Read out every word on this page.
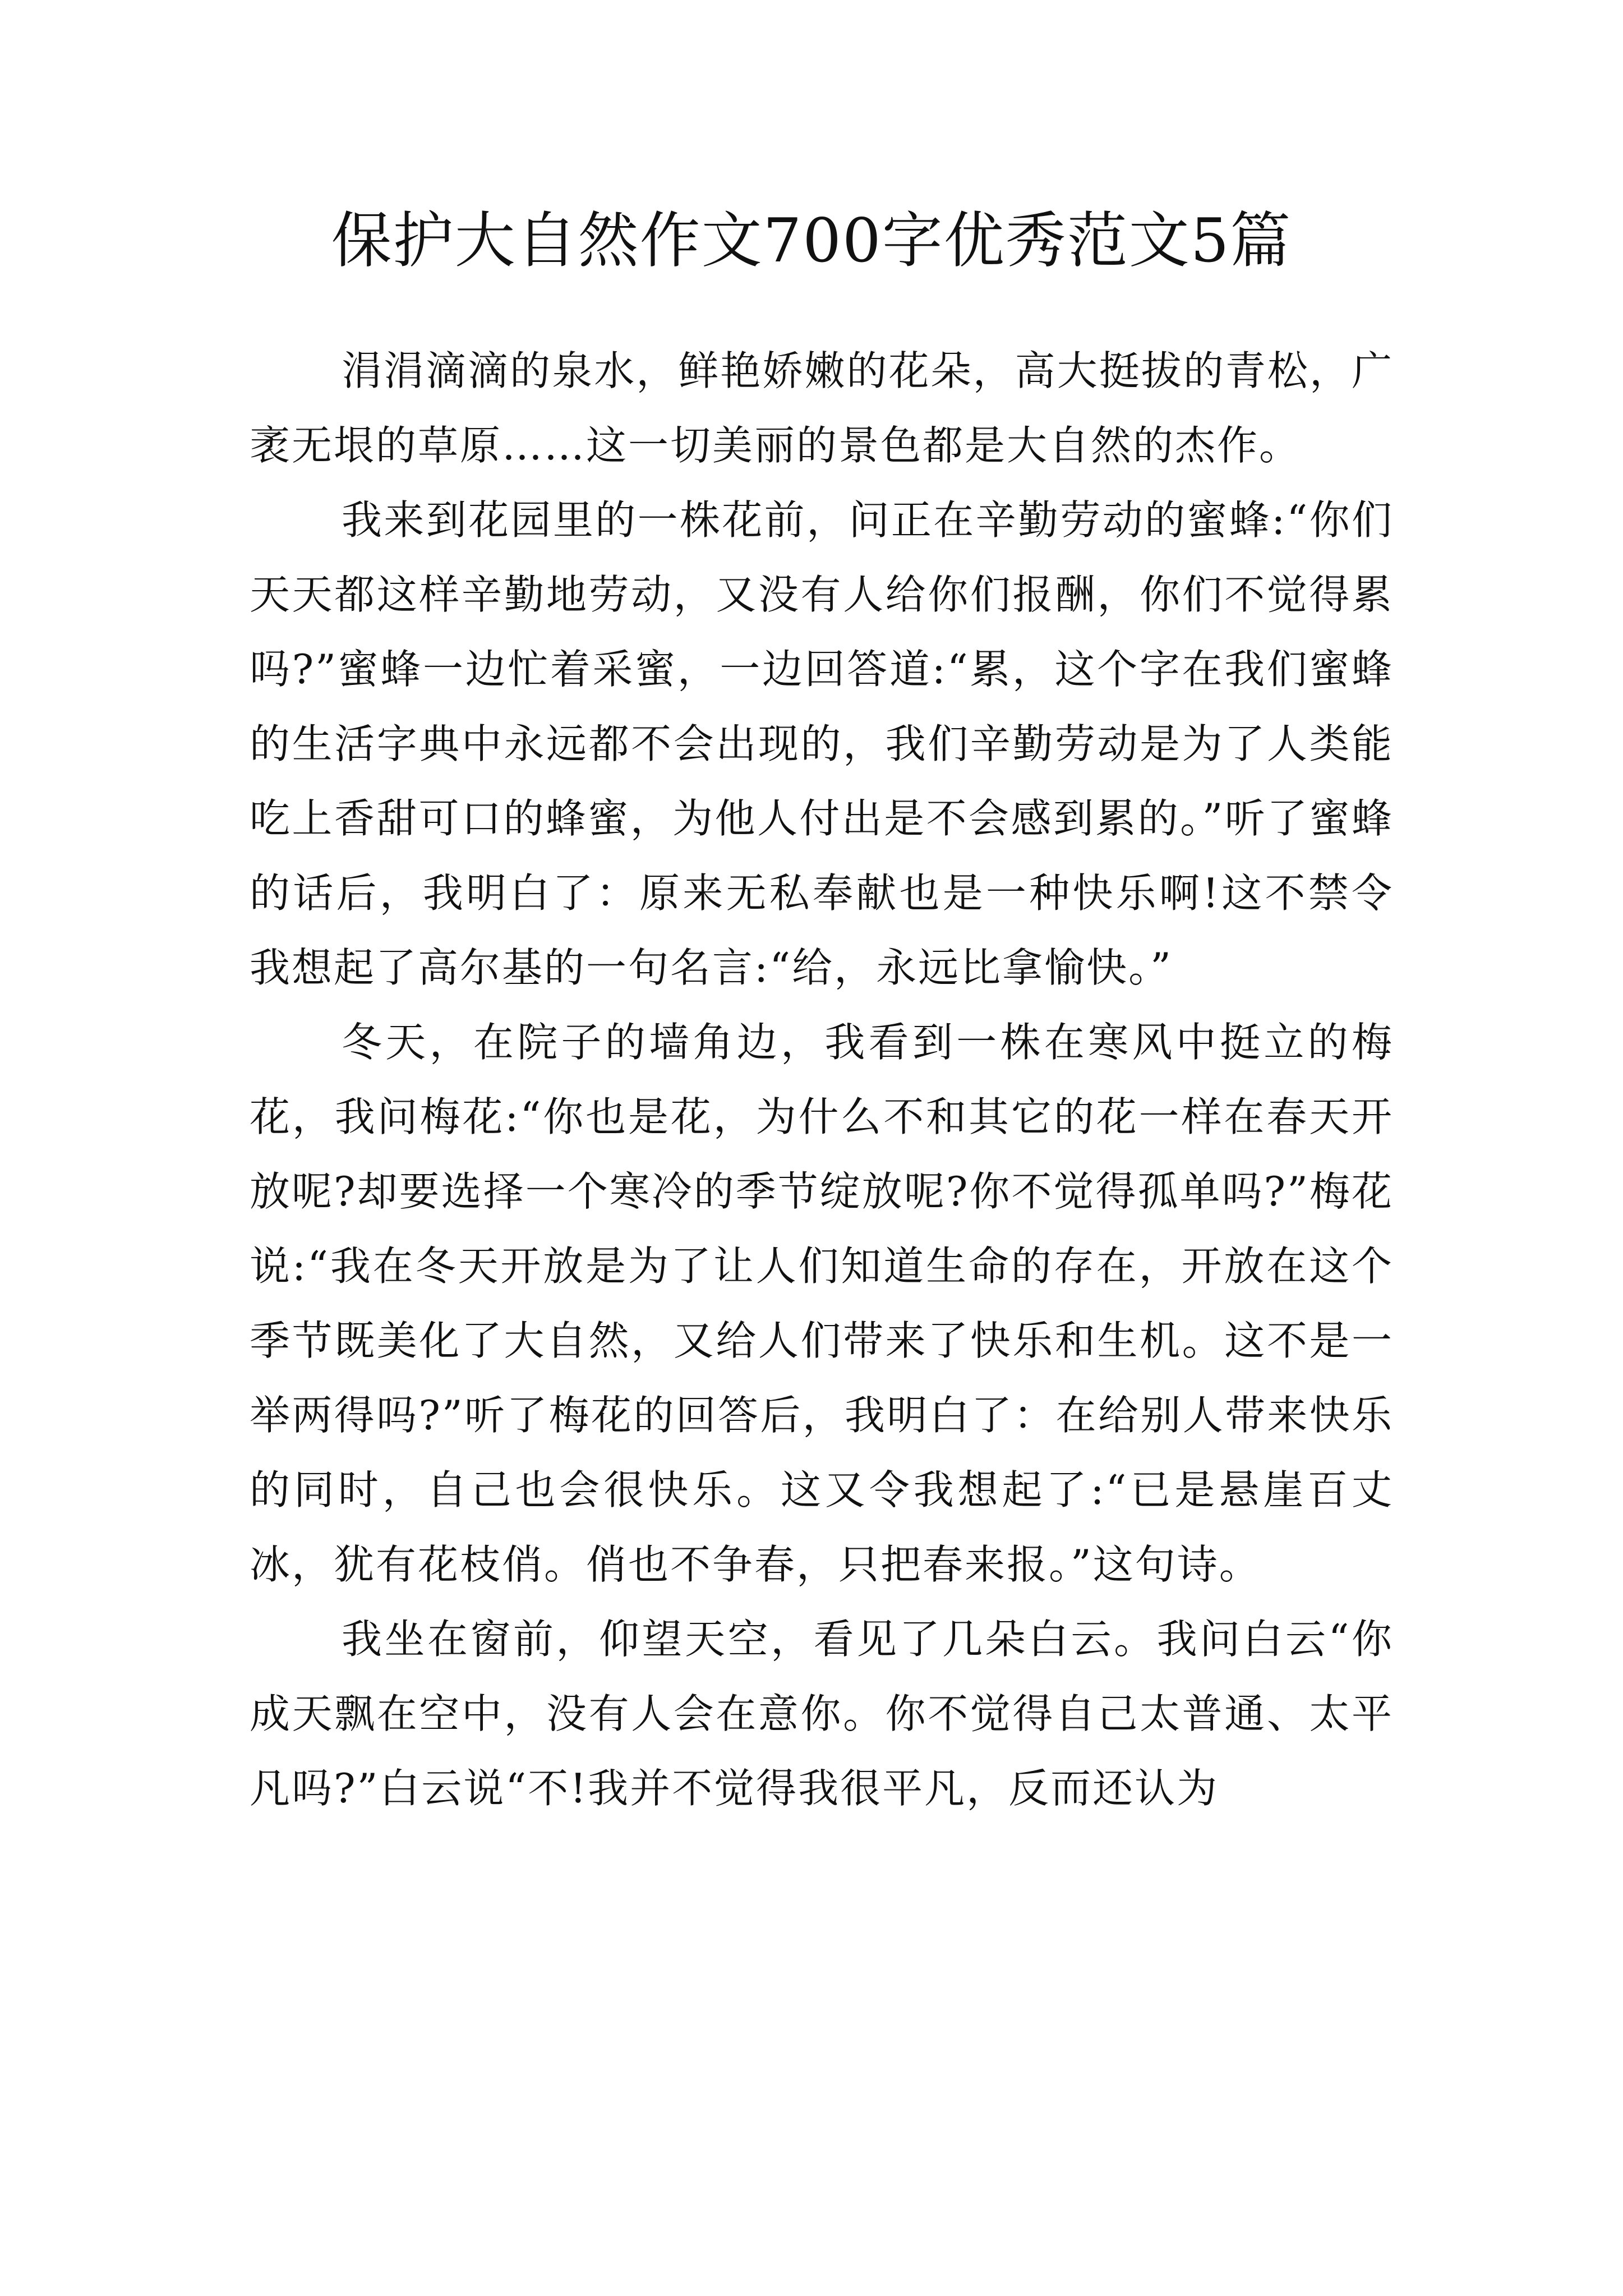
保护大自然作文700字优秀范文5篇

涓涓滴滴的泉水，鲜艳娇嫩的花朵，高大挺拔的青松，广袤无垠的草原……这一切美丽的景色都是大自然的杰作。

我来到花园里的一株花前，问正在辛勤劳动的蜜蜂:“你们天天都这样辛勤地劳动，又没有人给你们报酬，你们不觉得累吗?”蜜蜂一边忙着采蜜，一边回答道:“累，这个字在我们蜜蜂的生活字典中永远都不会出现的，我们辛勤劳动是为了人类能吃上香甜可口的蜂蜜，为他人付出是不会感到累的。”听了蜜蜂的话后，我明白了：原来无私奉献也是一种快乐啊!这不禁令我想起了高尔基的一句名言:“给，永远比拿愉快。”

冬天，在院子的墙角边，我看到一株在寒风中挺立的梅花，我问梅花:“你也是花，为什么不和其它的花一样在春天开放呢?却要选择一个寒冷的季节绽放呢?你不觉得孤单吗?”梅花说:“我在冬天开放是为了让人们知道生命的存在，开放在这个季节既美化了大自然，又给人们带来了快乐和生机。这不是一举两得吗?”听了梅花的回答后，我明白了：在给别人带来快乐的同时，自己也会很快乐。这又令我想起了:“已是悬崖百丈冰，犹有花枝俏。俏也不争春，只把春来报。”这句诗。

我坐在窗前，仰望天空，看见了几朵白云。我问白云“你成天飘在空中，没有人会在意你。你不觉得自己太普通、太平凡吗?”白云说“不!我并不觉得我很平凡，反而还认为
